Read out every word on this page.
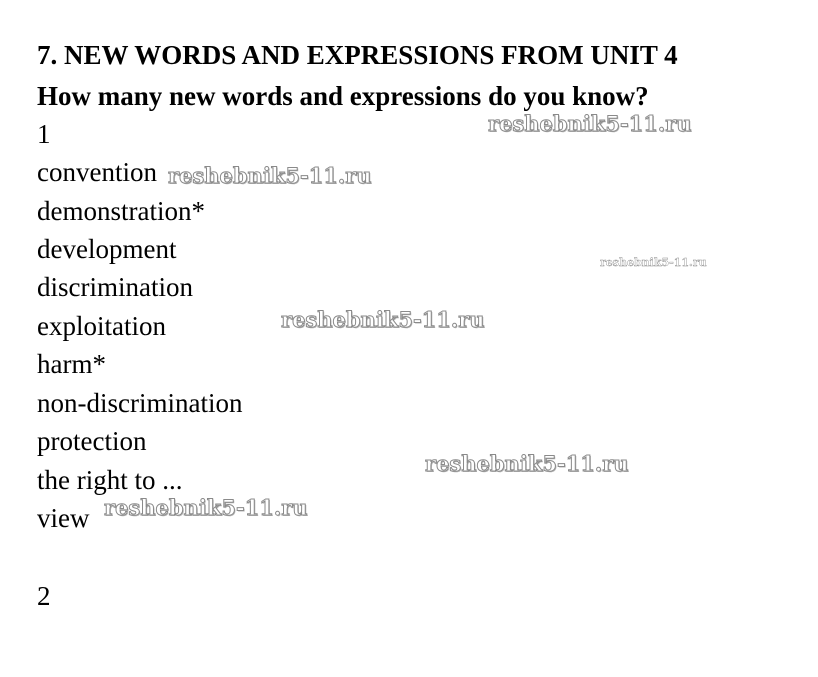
7. NEW WORDS AND EXPRESSIONS FROM UNIT 4
How many new words and expressions do you know?
1
convention
demonstration*
development
discrimination
exploitation
harm*
non-discrimination
protection
the right to ...
view
2
reshebnik5-11.ru
reshebnik5-11.ru
reshebnik5-11.ru
reshebnik5-11.ru
reshebnik5-11.ru
reshebnik5-11.ru
